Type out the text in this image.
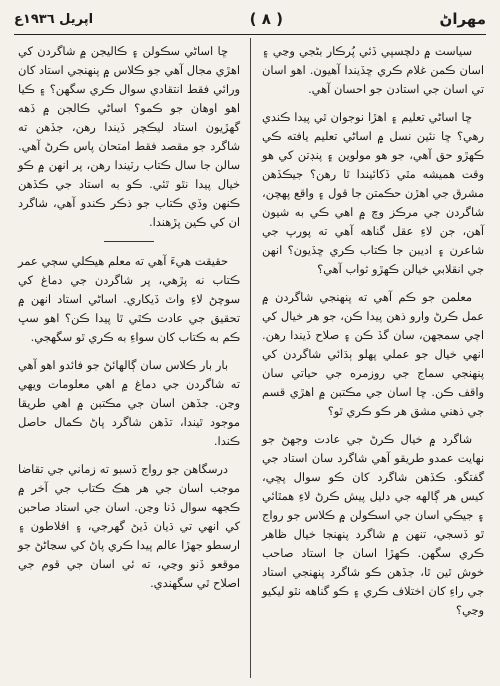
اپريل ١٩٣٦ع	( ٨ )	مهراڻ

سياست ۾ دلچسپي ڏئي پُرڪار بڻجي وڃي ۽ اسان ڪمن غلام ڪري ڇڏيندا آهيون. اهو اسان تي اسان جي استادن جو احسان آهي.

ڇا اساڻي تعليم ۽ اهڙا نوجوان ٿي پيدا ڪندي رهي؟ ڇا نئين نسل ۾ اساڻي تعليم يافته ڪي ڪهڙو حق آهي، جو هو مولوين ۽ پنڊتن کي هو وقت هميشه مٿي ڏکائيندا ٿا رهن؟ جيڪڏهن مشرق جي اهڙن حڪمتن جا قول ۽ واقع پهچن، شاگردن جي مرڪز وچ ۾ اهي ڪي به شيون آهن، جن لاءِ عقل گناهه آهي ته پورپ جي شاعرن ۽ اديبن جا ڪتاب ڪري ڇڏيون؟ انهن جي انقلابي خيالن ڪهڙو ثواب آهي؟

معلمن جو ڪم آهي ته پنهنجي شاگردن ۾ عمل ڪرڻ وارو ذهن پيدا ڪن، جو هر خيال کي اچي سمجهن، سان گڏ ڪن ۽ صلاح ڏيندا رهن. انهي خيال جو عملي پهلو ٻڌائي شاگردن کي پنهنجي سماج جي روزمره جي حياتي سان واقف ڪن. ڇا اسان جي مڪتبن ۾ اهڙي قسم جي ذهني مشق هر ڪو ڪري ٿو؟

شاگرد ۾ خيال ڪرڻ جي عادت وجهڻ جو نهايت عمدو طريقو آهي شاگرد سان استاد جي گفتگو. ڪڏهن شاگرد کان ڪو سوال پڇي، کيس هر ڳالهه جي دليل پيش ڪرڻ لاءِ همٿائي ۽ جيڪي اسان جي اسڪولن ۾ ڪلاس جو رواج ٿو ڏسجي، تنهن ۾ شاگرد پنهنجا خيال ظاهر ڪري سگهن. ڪهڙا اسان جا استاد صاحب خوش ٿين ٿا، جڏهن ڪو شاگرد پنهنجي استاد جي راءِ کان اختلاف ڪري ۽ ڪو گناهه نٿو ليکيو وڃي؟

ڇا اساڻي سڪولن ۽ ڪاليجن ۾ شاگردن کي اهڙي مجال آهي جو ڪلاس ۾ پنهنجي استاد کان ورائي فقط انتقادي سوال ڪري سگهن؟ ۽ ڪيا اهو اوهان جو ڪمو؟ اساڻي ڪالجن ۾ ڏهه گهڙيون استاد ليڪچر ڏيندا رهن، جڏهن ته شاگرد جو مقصد فقط امتحان پاس ڪرڻ آهي. سالن جا سال ڪتاب رٽيندا رهن، پر انهن ۾ ڪو خيال پيدا نٿو ٿئي. ڪو به استاد جي ڪڏهن ڪنهن وڏي ڪتاب جو ذڪر ڪندو آهي، شاگرد ان کي ڪين پڙهندا.

حقيقت هيءَ آهي ته معلم هيڪلي سڄي عمر ڪتاب نه پڙهي، پر شاگردن جي دماغ کي سوچڻ لاءِ واٽ ڏيکاري. اساڻي استاد انهن ۾ تحقيق جي عادت ڪٿي ٿا پيدا ڪن؟ اهو سڀ ڪم به ڪتاب کان سواءِ به ڪري ٿو سگهجي.

بار بار ڪلاس سان ڳالهائڻ جو فائدو اهو آهي ته شاگردن جي دماغ ۾ اهي معلومات ويهي وڃن. جڏهن اسان جي مڪتبن ۾ اهي طريقا موجود ٿيندا، تڏهن شاگرد پاڻ ڪمال حاصل ڪندا.

درسگاهن جو رواج ڏسبو ته زماني جي تقاضا موجب اسان جي هر هڪ ڪتاب جي آخر ۾ ڪجهه سوال ڏنا وڃن. اسان جي استاد صاحبن کي انهي تي ڌيان ڏيڻ گهرجي، ۽ افلاطون ۽ ارسطو جهڙا عالم پيدا ڪري پاڻ کي سڃاڻڻ جو موقعو ڏنو وڃي، ته ئي اسان جي قوم جي اصلاح ٿي سگهندي.
